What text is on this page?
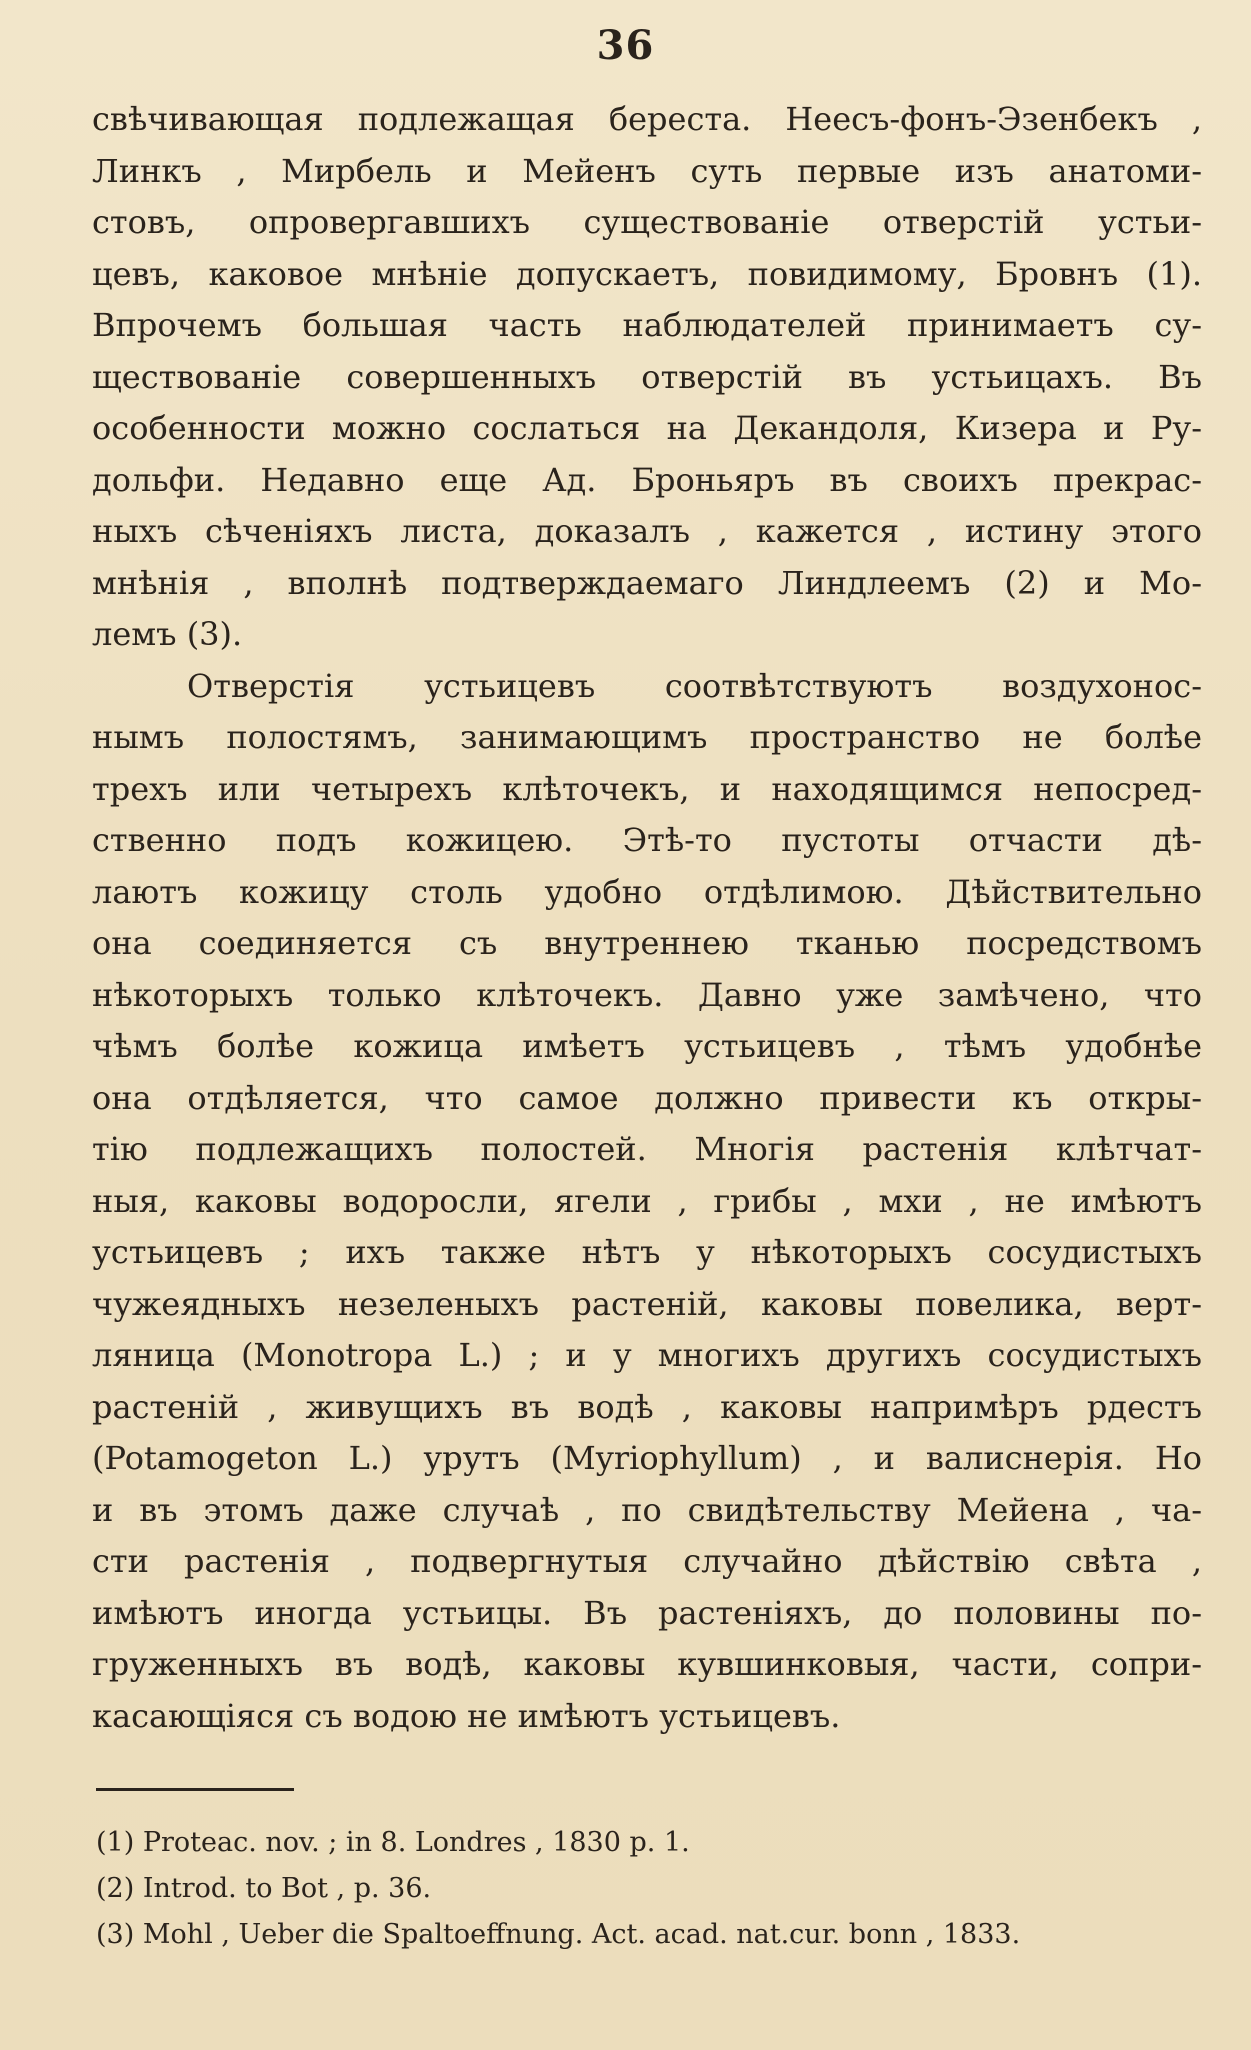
36
свѣчивающая подлежащая береста. Неесъ-фонъ-Эзенбекъ ,
Линкъ , Мирбель и Мейенъ суть первые изъ анатоми-
стовъ, опровергавшихъ существованіе отверстій устьи-
цевъ, каковое мнѣніе допускаетъ, повидимому, Бровнъ (1).
Впрочемъ большая часть наблюдателей принимаетъ су-
ществованіе совершенныхъ отверстій въ устьицахъ. Въ
особенности можно сослаться на Декандоля, Кизера и Ру-
дольфи. Недавно еще Ад. Броньяръ въ своихъ прекрас-
ныхъ сѣченіяхъ листа, доказалъ , кажется , истину этого
мнѣнія , вполнѣ подтверждаемаго Линдлеемъ (2) и Мо-
лемъ (3).
Отверстія устьицевъ соотвѣтствуютъ воздухонос-
нымъ полостямъ, занимающимъ пространство не болѣе
трехъ или четырехъ клѣточекъ, и находящимся непосред-
ственно подъ кожицею. Этѣ-то пустоты отчасти дѣ-
лаютъ кожицу столь удобно отдѣлимою. Дѣйствительно
она соединяется съ внутреннею тканью посредствомъ
нѣкоторыхъ только клѣточекъ. Давно уже замѣчено, что
чѣмъ болѣе кожица имѣетъ устьицевъ , тѣмъ удобнѣе
она отдѣляется, что самое должно привести къ откры-
тію подлежащихъ полостей. Многія растенія клѣтчат-
ныя, каковы водоросли, ягели , грибы , мхи , не имѣютъ
устьицевъ ; ихъ также нѣтъ у нѣкоторыхъ сосудистыхъ
чужеядныхъ незеленыхъ растеній, каковы повелика, верт-
ляница (Monotropa L.) ; и у многихъ другихъ сосудистыхъ
растеній , живущихъ въ водѣ , каковы напримѣръ рдестъ
(Potamogeton L.) урутъ (Myriophyllum) , и валиснерія. Но
и въ этомъ даже случаѣ , по свидѣтельству Мейена , ча-
сти растенія , подвергнутыя случайно дѣйствію свѣта ,
имѣютъ иногда устьицы. Въ растеніяхъ, до половины по-
груженныхъ въ водѣ, каковы кувшинковыя, части, сопри-
касающіяся съ водою не имѣютъ устьицевъ.
(1) Proteac. nov. ; in 8. Londres , 1830 p. 1.
(2) Introd. to Bot , p. 36.
(3) Mohl , Ueber die Spaltoeffnung. Act. acad. nat.cur. bonn , 1833.
